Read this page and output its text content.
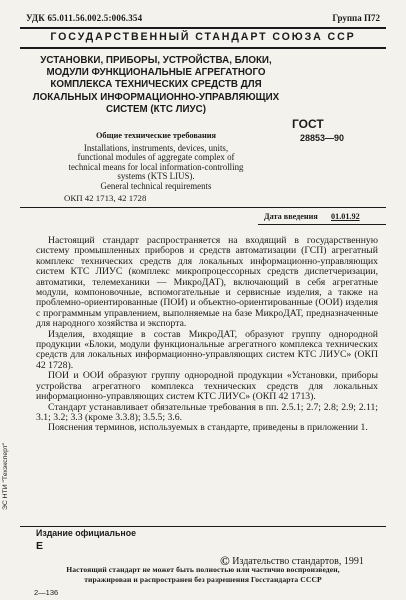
УДК 65.011.56.002.5:006.354	Группа П72
ГОСУДАРСТВЕННЫЙ СТАНДАРТ СОЮЗА ССР
УСТАНОВКИ, ПРИБОРЫ, УСТРОЙСТВА, БЛОКИ,
МОДУЛИ ФУНКЦИОНАЛЬНЫЕ АГРЕГАТНОГО
КОМПЛЕКСА ТЕХНИЧЕСКИХ СРЕДСТВ ДЛЯ
ЛОКАЛЬНЫХ ИНФОРМАЦИОННО-УПРАВЛЯЮЩИХ
СИСТЕМ (КТС ЛИУС)
ГОСТ
28853—90
Общие технические требования
Installations, instruments, devices, units,
functional modules of aggregate complex of
technical means for local information-controlling
systems (KTS LIUS).
General technical requirements
ОКП 42 1713, 42 1728
Дата введения 01.01.92

Настоящий стандарт распространяется на входящий в государственную систему промышленных приборов и средств автоматизации (ГСП) агрегатный комплекс технических средств для локальных информационно-управляющих систем КТС ЛИУС (комплекс микропроцессорных средств диспетчеризации, автоматики, телемеханики — МикроДАТ), включающий в себя агрегатные модули, компоновочные, вспомогательные и сервисные изделия, а также на проблемно-ориентированные (ПОИ) и объектно-ориентированные (ООИ) изделия с программным управлением, выполняемые на базе МикроДАТ, предназначенные для народного хозяйства и экспорта.

Изделия, входящие в состав МикроДАТ, образуют группу однородной продукции «Блоки, модули функциональные агрегатного комплекса технических средств для локальных информационно-управляющих систем КТС ЛИУС» (ОКП 42 1728).

ПОИ и ООИ образуют группу однородной продукции «Установки, приборы устройства агрегатного комплекса технических средств для локальных информационно-управляющих систем КТС ЛИУС» (ОКП 42 1713).

Стандарт устанавливает обязательные требования в пп. 2.5.1; 2.7; 2.8; 2.9; 2.11; 3.1; 3.2; 3.3 (кроме 3.3.8); 3.5.5; 3.6.

Пояснения терминов, используемых в стандарте, приведены в приложении 1.

ЭС НТИ "Техэксперт"
Издание официальное
Е
© Издательство стандартов, 1991
Настоящий стандарт не может быть полностью или частично воспроизведен,
тиражирован и распространен без разрешения Госстандарта СССР
2—136
